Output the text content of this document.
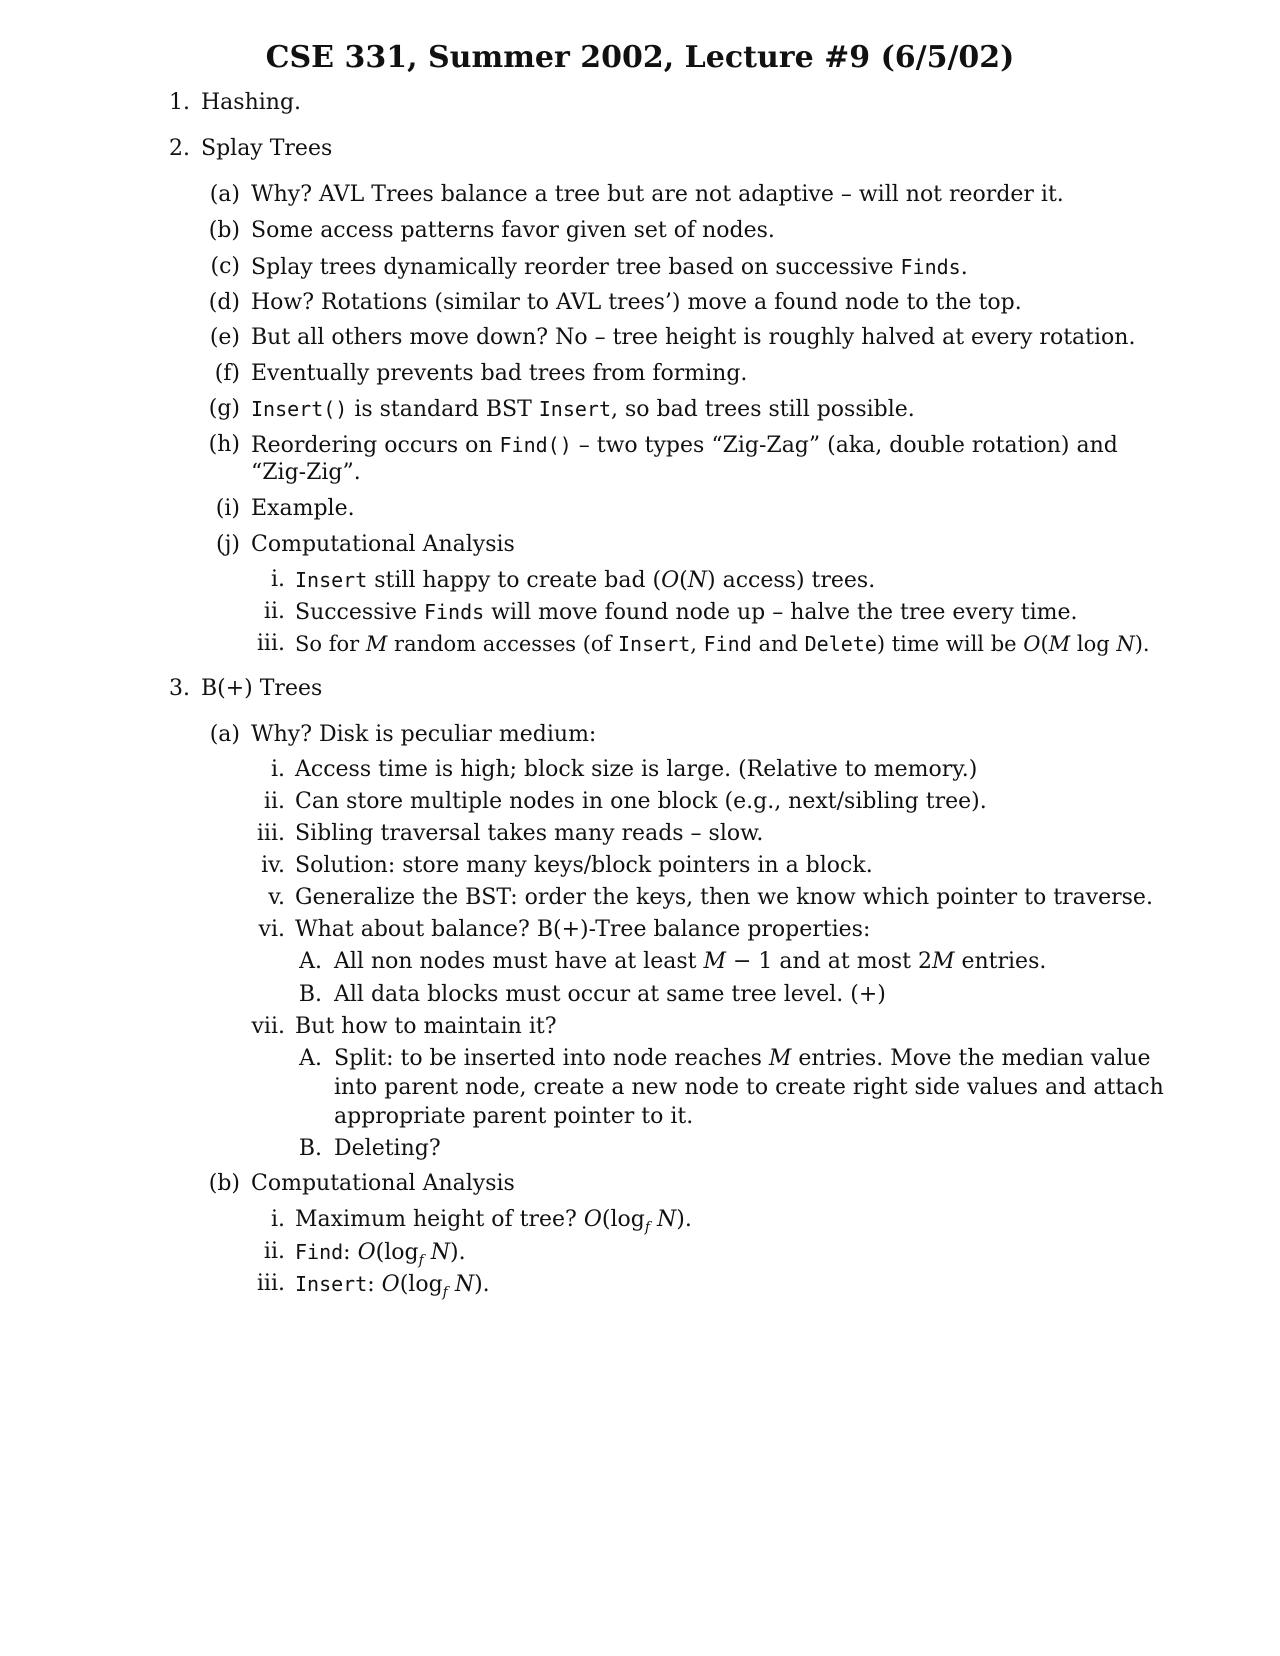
CSE 331, Summer 2002, Lecture #9 (6/5/02)
1. Hashing.
2. Splay Trees
(a) Why? AVL Trees balance a tree but are not adaptive – will not reorder it.
(b) Some access patterns favor given set of nodes.
(c) Splay trees dynamically reorder tree based on successive Finds.
(d) How? Rotations (similar to AVL trees’) move a found node to the top.
(e) But all others move down? No – tree height is roughly halved at every rotation.
(f) Eventually prevents bad trees from forming.
(g) Insert() is standard BST Insert, so bad trees still possible.
(h) Reordering occurs on Find() – two types “Zig-Zag” (aka, double rotation) and
“Zig-Zig”.
(i) Example.
(j) Computational Analysis
i. Insert still happy to create bad (O(N) access) trees.
ii. Successive Finds will move found node up – halve the tree every time.
iii. So for M random accesses (of Insert, Find and Delete) time will be O(M log N).
3. B(+) Trees
(a) Why? Disk is peculiar medium:
i. Access time is high; block size is large. (Relative to memory.)
ii. Can store multiple nodes in one block (e.g., next/sibling tree).
iii. Sibling traversal takes many reads – slow.
iv. Solution: store many keys/block pointers in a block.
v. Generalize the BST: order the keys, then we know which pointer to traverse.
vi. What about balance? B(+)-Tree balance properties:
A. All non nodes must have at least M − 1 and at most 2M entries.
B. All data blocks must occur at same tree level. (+)
vii. But how to maintain it?
A. Split: to be inserted into node reaches M entries. Move the median value
into parent node, create a new node to create right side values and attach
appropriate parent pointer to it.
B. Deleting?
(b) Computational Analysis
i. Maximum height of tree? $O(\log_f$ N).
ii. Find: $O(\log_f$ N).
iii. Insert: $O(\log_f$ N).
